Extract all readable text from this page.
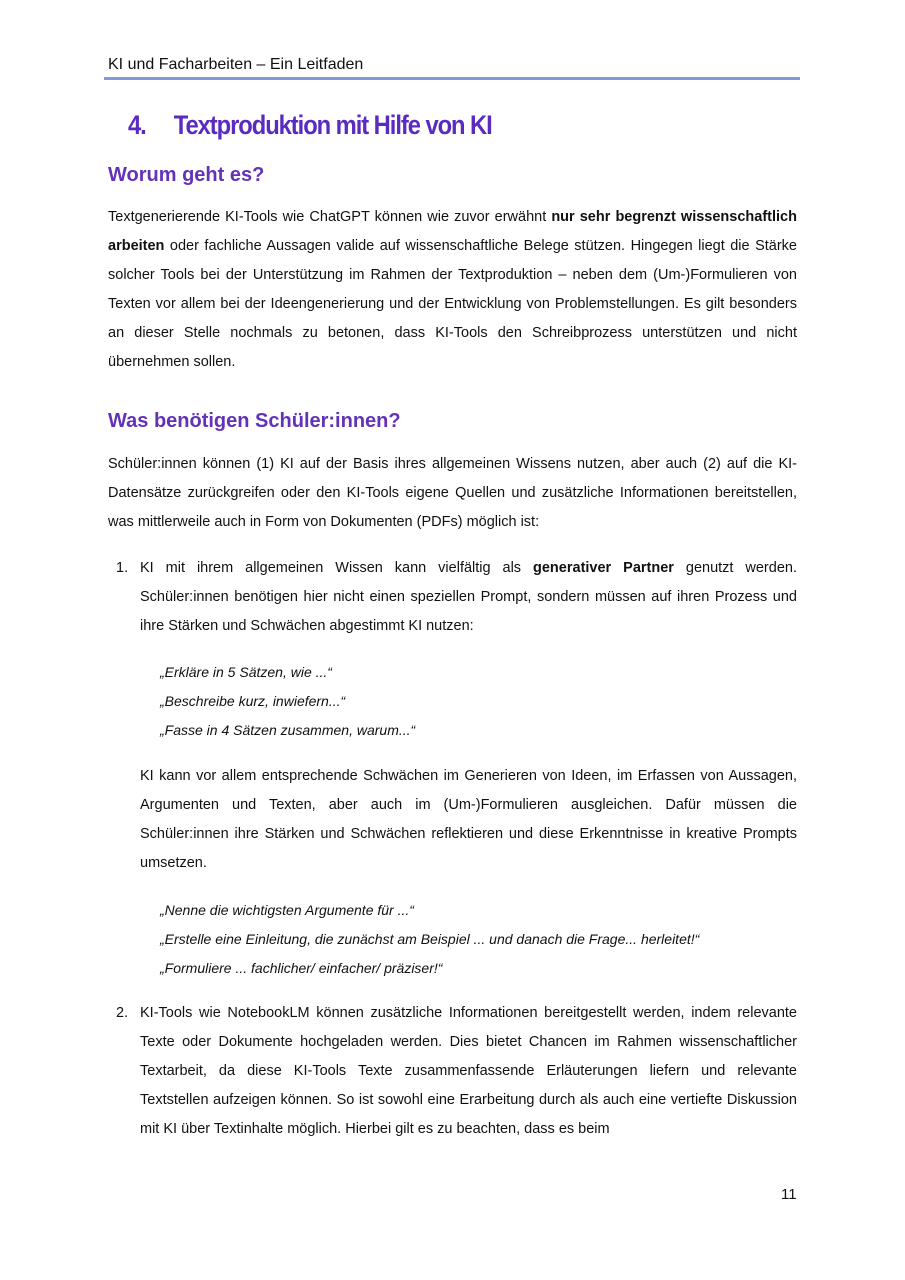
KI und Facharbeiten – Ein Leitfaden
4. Textproduktion mit Hilfe von KI
Worum geht es?
Textgenerierende KI-Tools wie ChatGPT können wie zuvor erwähnt nur sehr begrenzt wissenschaftlich arbeiten oder fachliche Aussagen valide auf wissenschaftliche Belege stützen. Hingegen liegt die Stärke solcher Tools bei der Unterstützung im Rahmen der Textproduktion – neben dem (Um-)Formulieren von Texten vor allem bei der Ideengenerierung und der Entwicklung von Problemstellungen. Es gilt besonders an dieser Stelle nochmals zu betonen, dass KI-Tools den Schreibprozess unterstützen und nicht übernehmen sollen.
Was benötigen Schüler:innen?
Schüler:innen können (1) KI auf der Basis ihres allgemeinen Wissens nutzen, aber auch (2) auf die KI-Datensätze zurückgreifen oder den KI-Tools eigene Quellen und zusätzliche Informationen bereitstellen, was mittlerweile auch in Form von Dokumenten (PDFs) möglich ist:
1. KI mit ihrem allgemeinen Wissen kann vielfältig als generativer Partner genutzt werden. Schüler:innen benötigen hier nicht einen speziellen Prompt, sondern müssen auf ihren Prozess und ihre Stärken und Schwächen abgestimmt KI nutzen:
„Erkläre in 5 Sätzen, wie ...“
„Beschreibe kurz, inwiefern...“
„Fasse in 4 Sätzen zusammen, warum...“
KI kann vor allem entsprechende Schwächen im Generieren von Ideen, im Erfassen von Aussagen, Argumenten und Texten, aber auch im (Um-)Formulieren ausgleichen. Dafür müssen die Schüler:innen ihre Stärken und Schwächen reflektieren und diese Erkenntnisse in kreative Prompts umsetzen.
„Nenne die wichtigsten Argumente für ...“
„Erstelle eine Einleitung, die zunächst am Beispiel ... und danach die Frage... herleitet!“
„Formuliere ... fachlicher/ einfacher/ präziser!“
2. KI-Tools wie NotebookLM können zusätzliche Informationen bereitgestellt werden, indem relevante Texte oder Dokumente hochgeladen werden. Dies bietet Chancen im Rahmen wissenschaftlicher Textarbeit, da diese KI-Tools Texte zusammenfassende Erläuterungen liefern und relevante Textstellen aufzeigen können. So ist sowohl eine Erarbeitung durch als auch eine vertiefte Diskussion mit KI über Textinhalte möglich. Hierbei gilt es zu beachten, dass es beim
11
